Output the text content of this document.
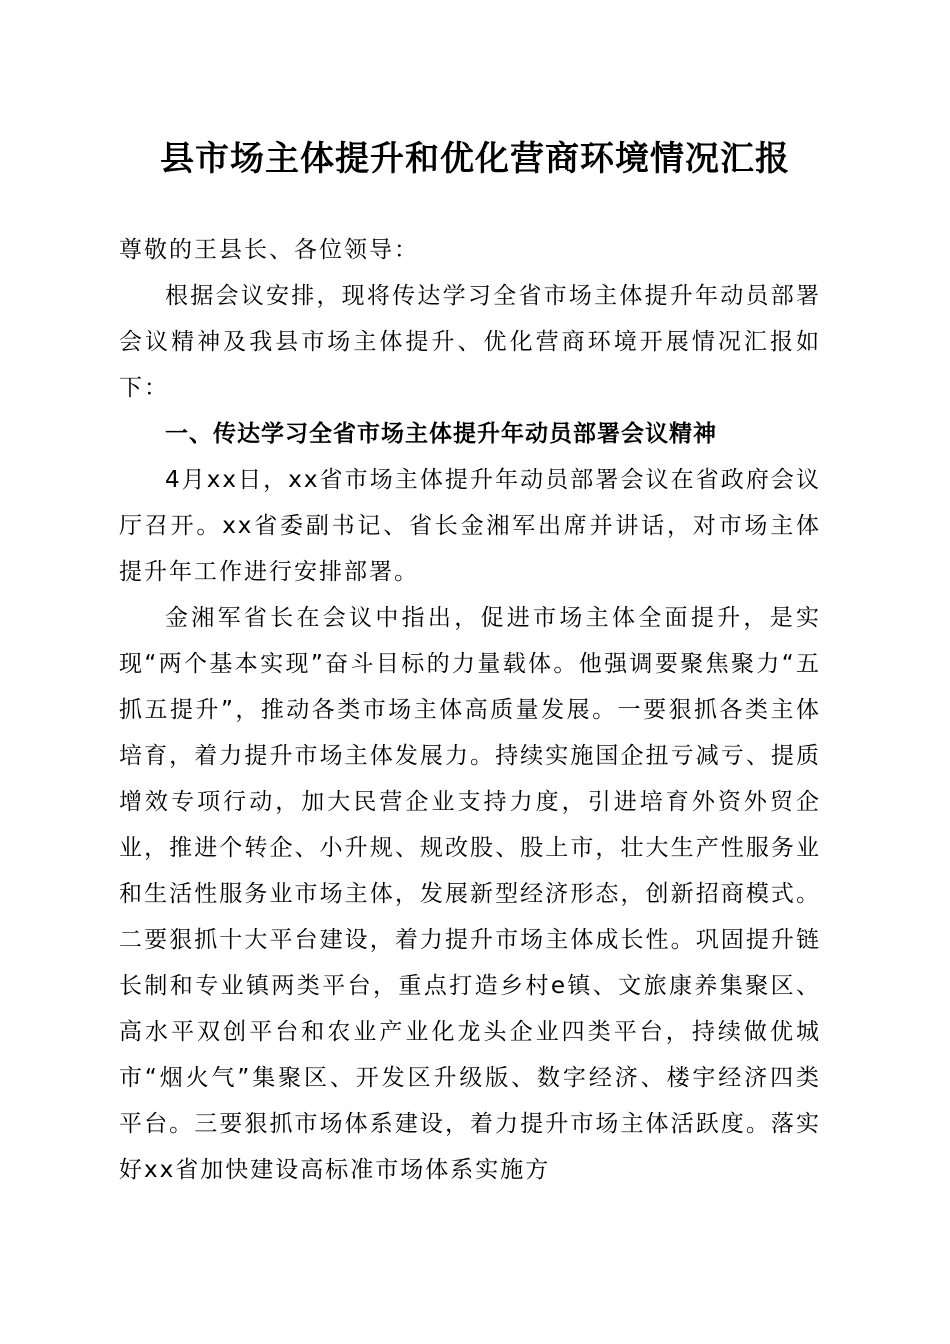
县市场主体提升和优化营商环境情况汇报

尊敬的王县长、各位领导：

根据会议安排，现将传达学习全省市场主体提升年动员部署会议精神及我县市场主体提升、优化营商环境开展情况汇报如下：

一、传达学习全省市场主体提升年动员部署会议精神

4月xx日，xx省市场主体提升年动员部署会议在省政府会议厅召开。xx省委副书记、省长金湘军出席并讲话，对市场主体提升年工作进行安排部署。

金湘军省长在会议中指出，促进市场主体全面提升，是实现“两个基本实现”奋斗目标的力量载体。他强调要聚焦聚力“五抓五提升”，推动各类市场主体高质量发展。一要狠抓各类主体培育，着力提升市场主体发展力。持续实施国企扭亏减亏、提质增效专项行动，加大民营企业支持力度，引进培育外资外贸企业，推进个转企、小升规、规改股、股上市，壮大生产性服务业和生活性服务业市场主体，发展新型经济形态，创新招商模式。二要狠抓十大平台建设，着力提升市场主体成长性。巩固提升链长制和专业镇两类平台，重点打造乡村e镇、文旅康养集聚区、高水平双创平台和农业产业化龙头企业四类平台，持续做优城市“烟火气”集聚区、开发区升级版、数字经济、楼宇经济四类平台。三要狠抓市场体系建设，着力提升市场主体活跃度。落实好xx省加快建设高标准市场体系实施方
